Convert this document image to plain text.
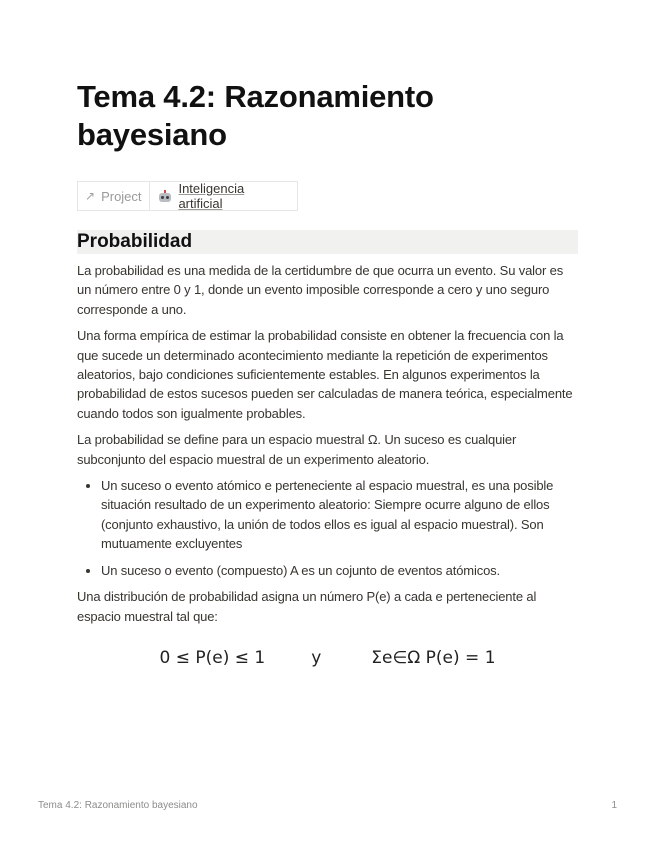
Tema 4.2: Razonamiento bayesiano
↗ Project	Inteligencia artificial
Probabilidad

La probabilidad es una medida de la certidumbre de que ocurra un evento. Su valor es un número entre 0 y 1, donde un evento imposible corresponde a cero y uno seguro corresponde a uno.

Una forma empírica de estimar la probabilidad consiste en obtener la frecuencia con la que sucede un determinado acontecimiento mediante la repetición de experimentos aleatorios, bajo condiciones suficientemente estables. En algunos experimentos la probabilidad de estos sucesos pueden ser calculadas de manera teórica, especialmente cuando todos son igualmente probables.

La probabilidad se define para un espacio muestral Ω. Un suceso es cualquier subconjunto del espacio muestral de un experimento aleatorio.

• Un suceso o evento atómico e perteneciente al espacio muestral, es una posible situación resultado de un experimento aleatorio: Siempre ocurre alguno de ellos (conjunto exhaustivo, la unión de todos ellos es igual al espacio muestral). Son mutuamente excluyentes
• Un suceso o evento (compuesto) A es un cojunto de eventos atómicos.

Una distribución de probabilidad asigna un número P(e) a cada e perteneciente al espacio muestral tal que:

0 ≤ P(e) ≤ 1	y	Σe∈Ω P(e) = 1
Tema 4.2: Razonamiento bayesiano	1
